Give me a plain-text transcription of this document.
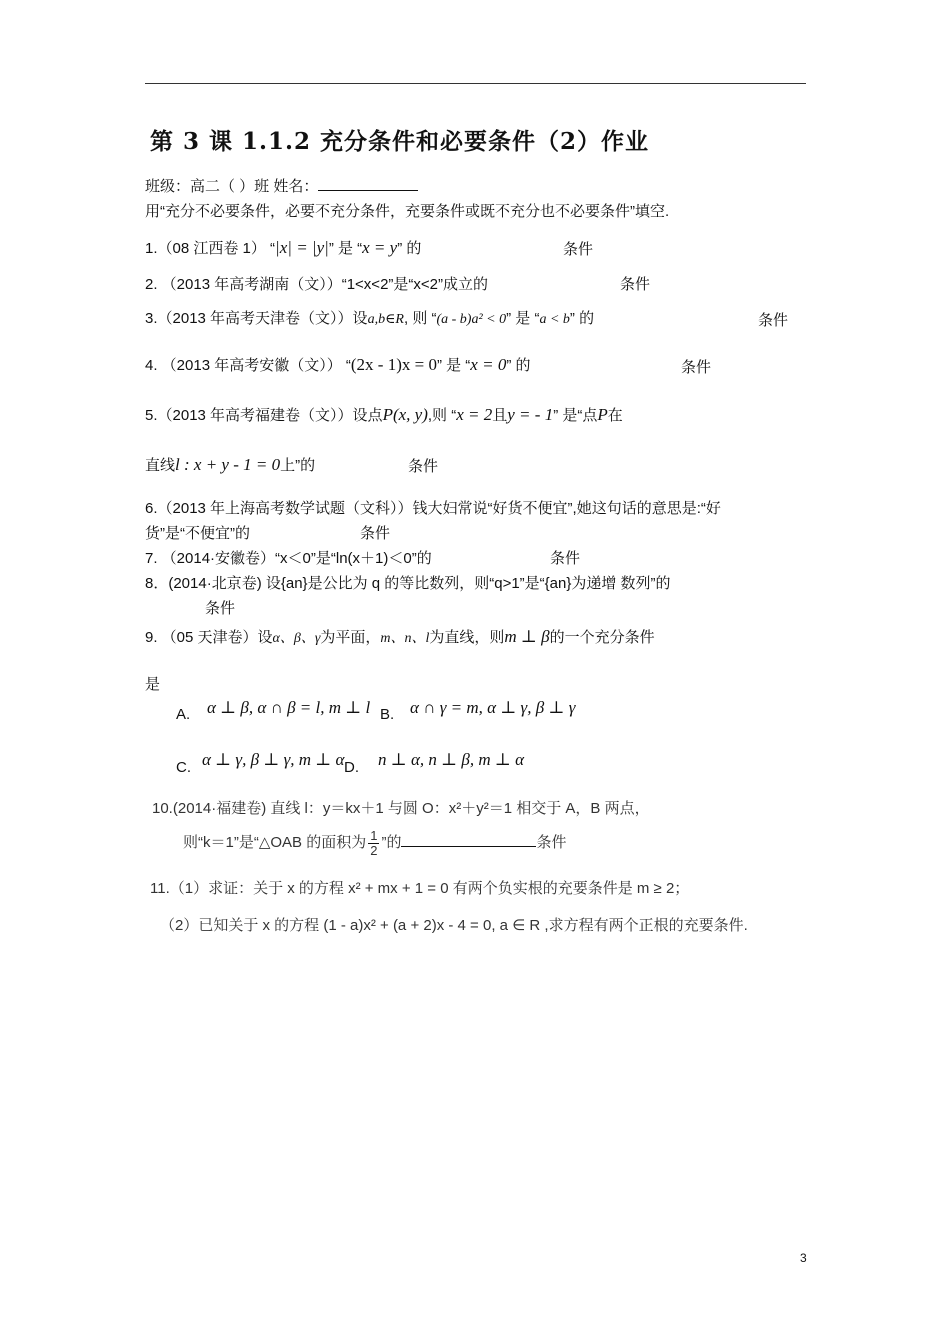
第 3 课 1.1.2 充分条件和必要条件（2）作业
班级：高二（ ）班 姓名：
用“充分不必要条件，必要不充分条件，充要条件或既不充分也不必要条件”填空.
1.（08 江西卷 1） “|x| = |y|” 是 “x = y” 的	条件
2. （2013 年高考湖南（文））“1<x<2”是“x<2”成立的	条件
3.（2013 年高考天津卷（文））设a,b∈R, 则 “(a - b)a² < 0” 是 “a < b” 的	条件
4. （2013 年高考安徽（文）） “(2x - 1)x = 0” 是 “x = 0” 的	条件
5.（2013 年高考福建卷（文））设点P(x, y),则 “x = 2且y = - 1” 是“点P在
直线l : x + y - 1 = 0上”的	条件
6.（2013 年上海高考数学试题（文科））钱大妇常说“好货不便宜”,她这句话的意思是:“好
货”是“不便宜”的	条件
7. （2014·安徽卷）“x＜0”是“ln(x＋1)＜0”的	条件
8．(2014·北京卷) 设{an}是公比为 q 的等比数列，则“q>1”是“{an}为递增 数列”的
条件
9. （05 天津卷）设α、β、γ为平面，m、n、l为直线，则m ⊥ β的一个充分条件
是
A. α ⊥ β, α ∩ β = l, m ⊥ l B. α ∩ γ = m, α ⊥ γ, β ⊥ γ
C. α ⊥ γ, β ⊥ γ, m ⊥ α D. n ⊥ α, n ⊥ β, m ⊥ α
10.(2014·福建卷) 直线 l：y＝kx＋1 与圆 O：x²＋y²＝1 相交于 A，B 两点，
则“k＝1”是“△OAB 的面积为 $\frac{1}{2}$ ”的	条件
11.（1）求证：关于 x 的方程 x² + mx + 1 = 0 有两个负实根的充要条件是 m ≥ 2；
（2）已知关于 x 的方程 (1 - a)x² + (a + 2)x - 4 = 0, a ∈ R ,求方程有两个正根的充要条件.
3
